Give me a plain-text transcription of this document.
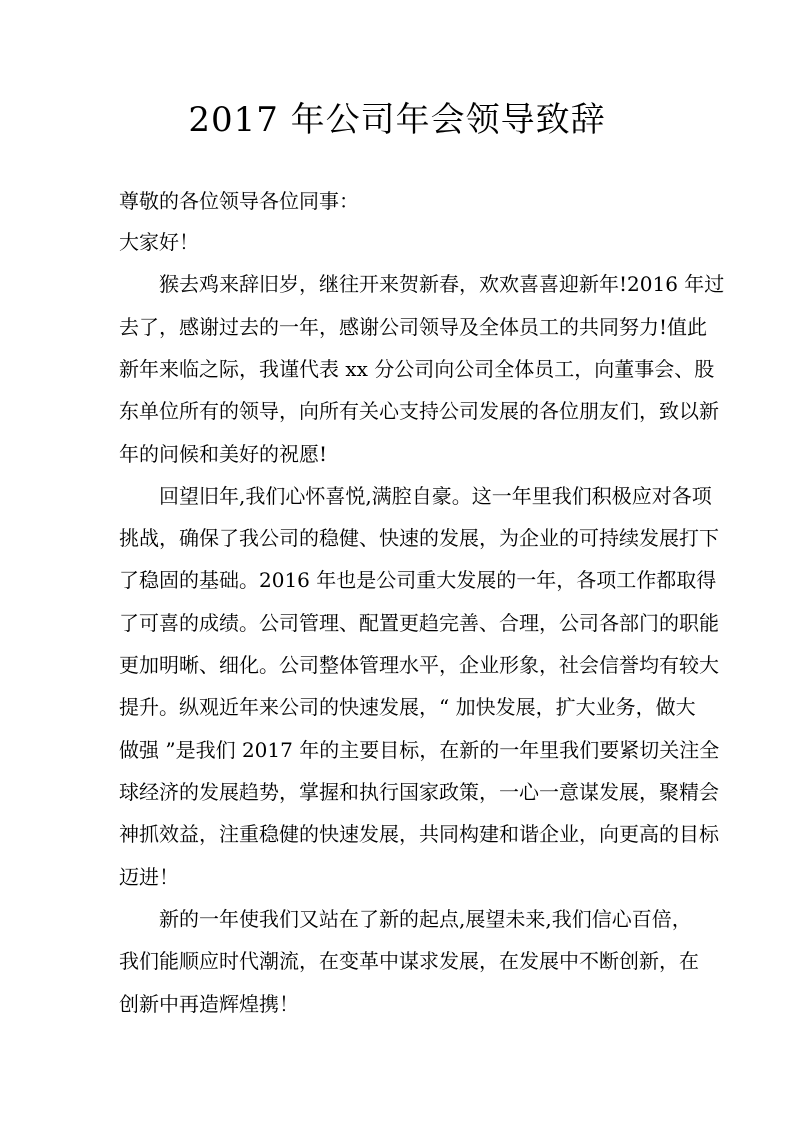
2017 年公司年会领导致辞
尊敬的各位领导各位同事：
大家好！
猴去鸡来辞旧岁，继往开来贺新春，欢欢喜喜迎新年!2016 年过
去了，感谢过去的一年，感谢公司领导及全体员工的共同努力!值此
新年来临之际，我谨代表 xx 分公司向公司全体员工，向董事会、股
东单位所有的领导，向所有关心支持公司发展的各位朋友们，致以新
年的问候和美好的祝愿!
回望旧年,我们心怀喜悦,满腔自豪。这一年里我们积极应对各项
挑战，确保了我公司的稳健、快速的发展，为企业的可持续发展打下
了稳固的基础。2016 年也是公司重大发展的一年，各项工作都取得
了可喜的成绩。公司管理、配置更趋完善、合理，公司各部门的职能
更加明晰、细化。公司整体管理水平，企业形象，社会信誉均有较大
提升。纵观近年来公司的快速发展，“ 加快发展，扩大业务，做大
做强 ”是我们 2017 年的主要目标，在新的一年里我们要紧切关注全
球经济的发展趋势，掌握和执行国家政策，一心一意谋发展，聚精会
神抓效益，注重稳健的快速发展，共同构建和谐企业，向更高的目标
迈进！
新的一年使我们又站在了新的起点,展望未来,我们信心百倍，
我们能顺应时代潮流，在变革中谋求发展，在发展中不断创新，在
创新中再造辉煌携！
